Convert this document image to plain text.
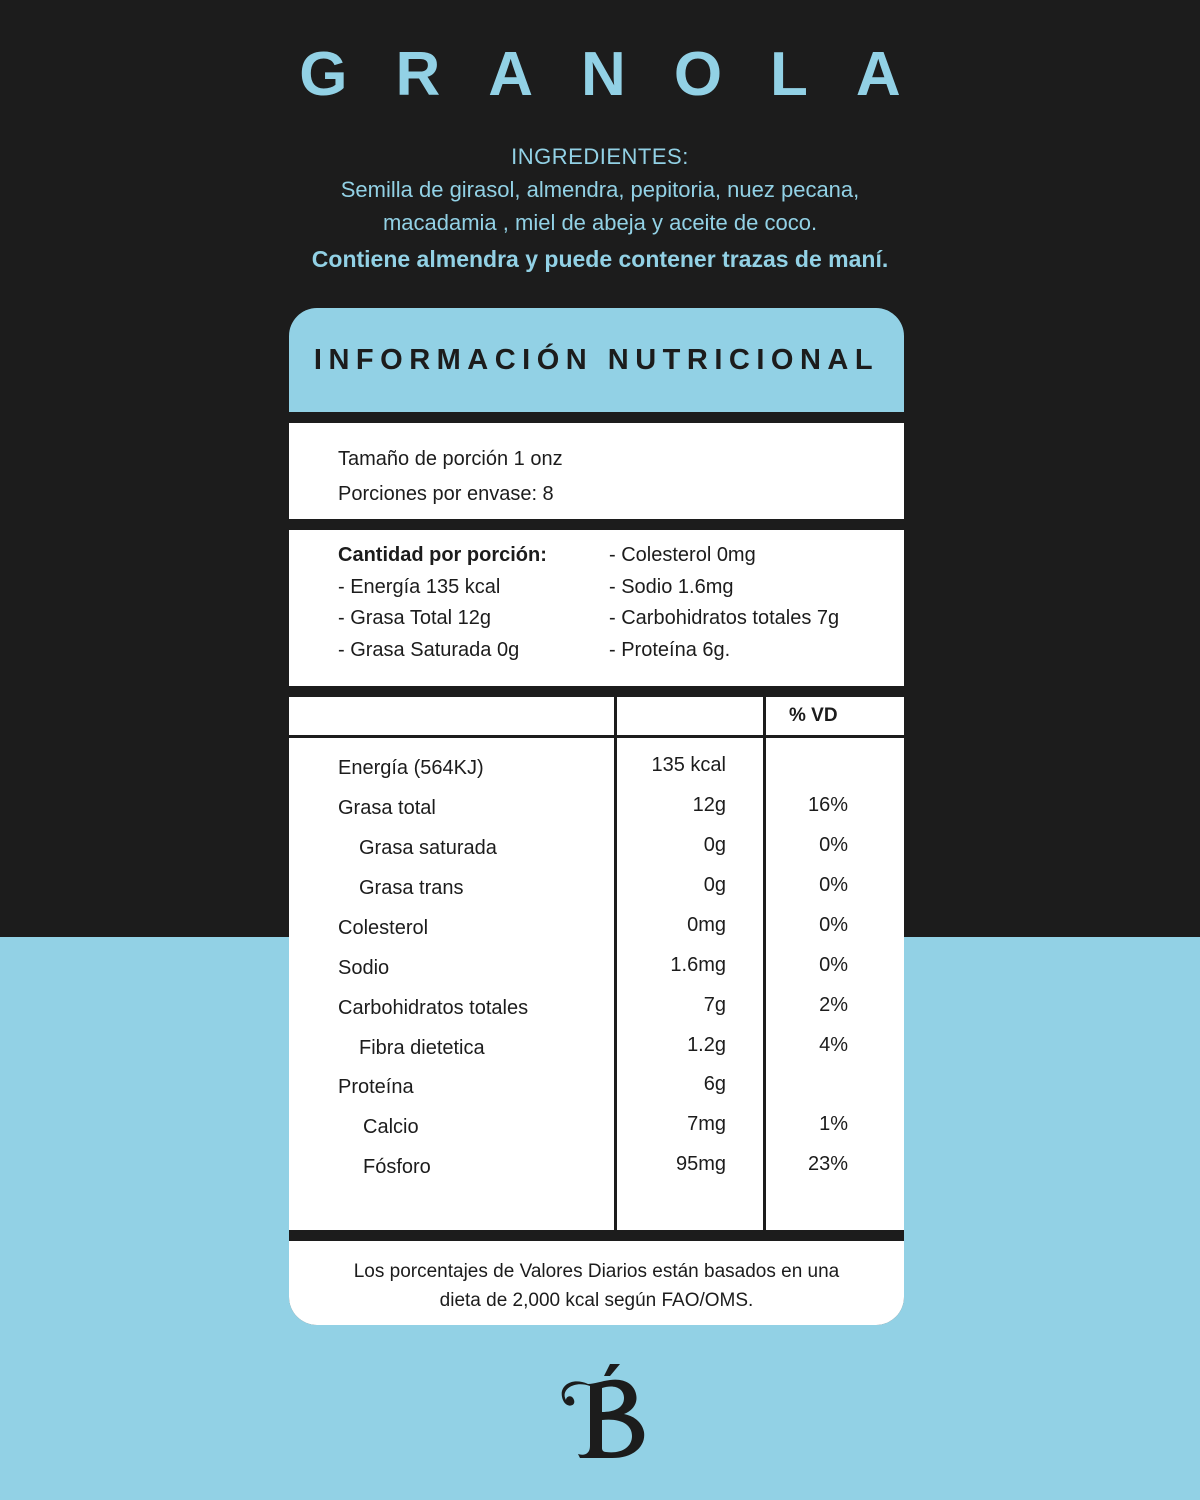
GRANOLA
INGREDIENTES:
Semilla de girasol, almendra, pepitoria, nuez pecana,
macadamia , miel de abeja y aceite de coco.
Contiene almendra y puede contener trazas de maní.
INFORMACIÓN NUTRICIONAL
Tamaño de porción 1 onz
Porciones por envase: 8
Cantidad por porción:
- Energía 135 kcal
- Grasa Total 12g
- Grasa Saturada 0g
- Colesterol 0mg
- Sodio 1.6mg
- Carbohidratos totales 7g
- Proteína 6g.
% VD
Energía (564KJ)	135 kcal
Grasa total	12g	16%
Grasa saturada	0g	0%
Grasa trans	0g	0%
Colesterol	0mg	0%
Sodio	1.6mg	0%
Carbohidratos totales	7g	2%
Fibra dietetica	1.2g	4%
Proteína	6g
Calcio	7mg	1%
Fósforo	95mg	23%
Los porcentajes de Valores Diarios están basados en una
dieta de 2,000 kcal según FAO/OMS.
